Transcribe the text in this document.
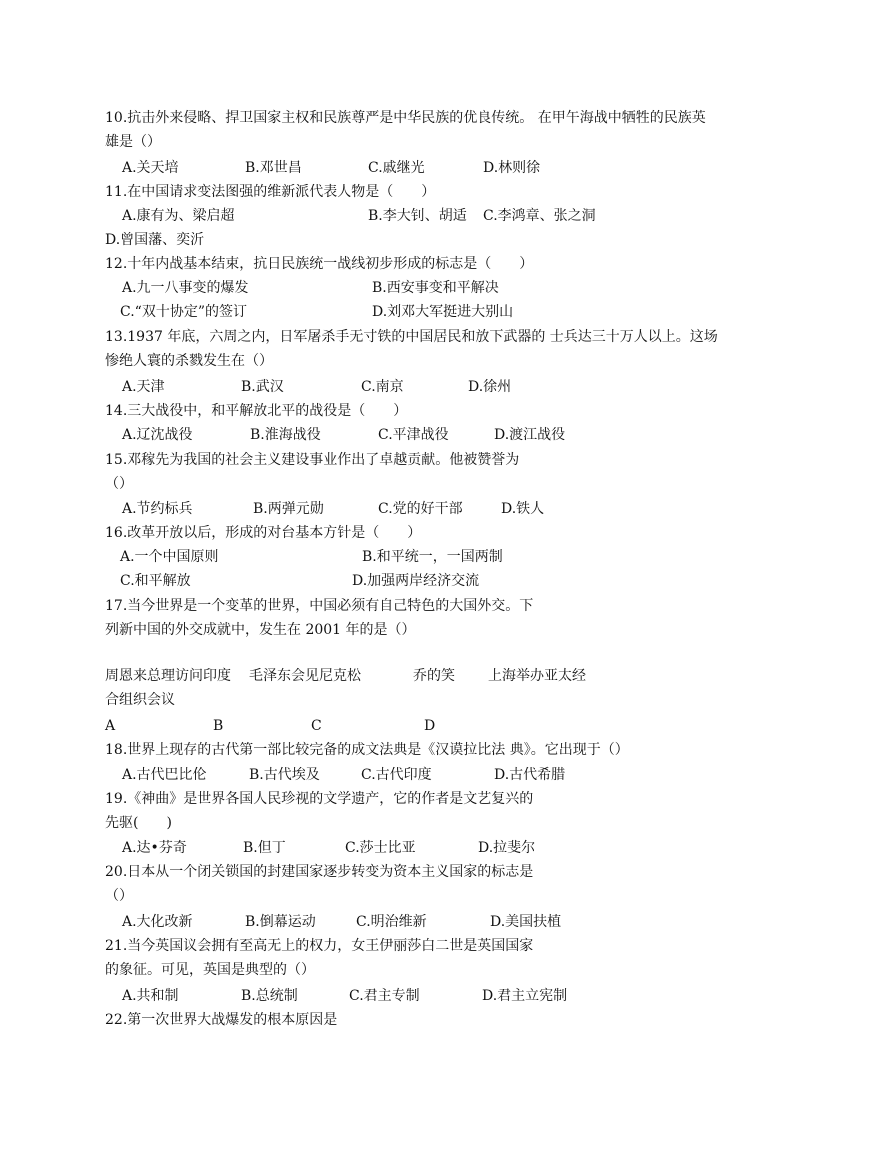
10.抗击外来侵略、捍卫国家主权和民族尊严是中华民族的优良传统。 在甲午海战中牺牲的民族英
雄是（）
A.关天培	B.邓世昌	C.戚继光	D.林则徐
11.在中国请求变法图强的维新派代表人物是（　　）
A.康有为、梁启超	B.李大钊、胡适 C.李鸿章、张之洞
D.曾国藩、奕沂
12.十年内战基本结束，抗日民族统一战线初步形成的标志是（　　）
A.九一八事变的爆发	B.西安事变和平解决
C.“双十协定”的签订	D.刘邓大军挺进大别山
13.1937 年底，六周之内，日军屠杀手无寸铁的中国居民和放下武器的 士兵达三十万人以上。这场
惨绝人寰的杀戮发生在（）
A.天津	B.武汉	C.南京	D.徐州
14.三大战役中，和平解放北平的战役是（　　）
A.辽沈战役	B.淮海战役	C.平津战役	D.渡江战役
15.邓稼先为我国的社会主义建设事业作出了卓越贡献。他被赞誉为
（）
A.节约标兵	B.两弹元勋	C.党的好干部	D.铁人
16.改革开放以后，形成的对台基本方针是（　　）
A.一个中国原则	B.和平统一，一国两制
C.和平解放	D.加强两岸经济交流
17.当今世界是一个变革的世界，中国必须有自己特色的大国外交。下
列新中国的外交成就中，发生在 2001 年的是（）
周恩来总理访问印度 毛泽东会见尼克松	乔的笑 上海举办亚太经
合组织会议
A	B	C	D
18.世界上现存的古代第一部比较完备的成文法典是《汉谟拉比法 典》。它出现于（）
A.古代巴比伦	B.古代埃及	C.古代印度	D.古代希腊
19.《神曲》是世界各国人民珍视的文学遗产，它的作者是文艺复兴的
先驱(　　)
A.达•芬奇	B.但丁	C.莎士比亚	D.拉斐尔
20.日本从一个闭关锁国的封建国家逐步转变为资本主义国家的标志是
（）
A.大化改新	B.倒幕运动	C.明治维新	D.美国扶植
21.当今英国议会拥有至高无上的权力，女王伊丽莎白二世是英国国家
的象征。可见，英国是典型的（）
A.共和制	B.总统制	C.君主专制	D.君主立宪制
22.第一次世界大战爆发的根本原因是
